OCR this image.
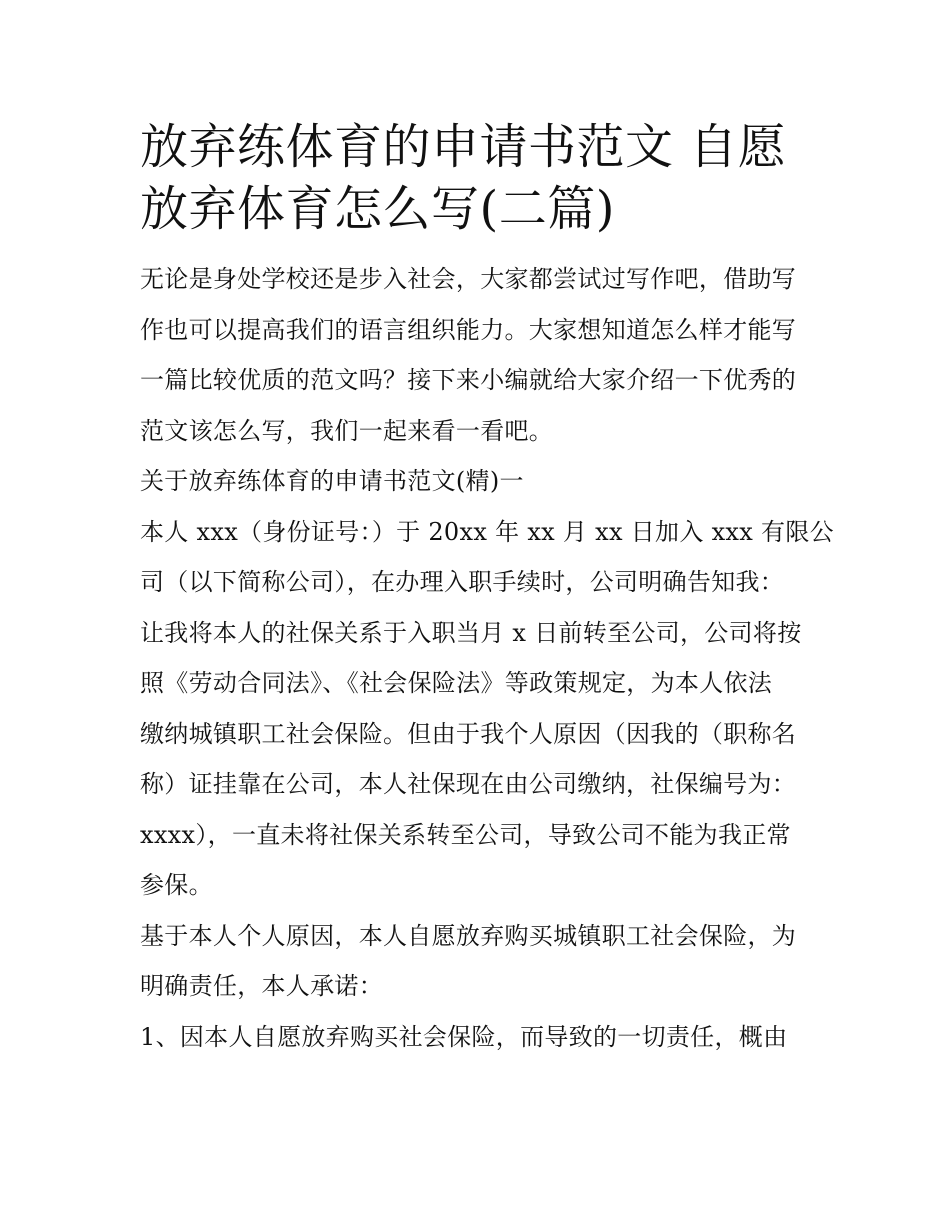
放弃练体育的申请书范文 自愿
放弃体育怎么写(二篇)

无论是身处学校还是步入社会，大家都尝试过写作吧，借助写
作也可以提高我们的语言组织能力。大家想知道怎么样才能写
一篇比较优质的范文吗？接下来小编就给大家介绍一下优秀的
范文该怎么写，我们一起来看一看吧。

关于放弃练体育的申请书范文(精)一

本人 xxx（身份证号：）于 20xx 年 xx 月 xx 日加入 xxx 有限公
司（以下简称公司），在办理入职手续时，公司明确告知我：
让我将本人的社保关系于入职当月 x 日前转至公司，公司将按
照《劳动合同法》、《社会保险法》等政策规定，为本人依法
缴纳城镇职工社会保险。但由于我个人原因（因我的（职称名
称）证挂靠在公司，本人社保现在由公司缴纳，社保编号为：
xxxx），一直未将社保关系转至公司，导致公司不能为我正常
参保。

基于本人个人原因，本人自愿放弃购买城镇职工社会保险，为
明确责任，本人承诺：

1、因本人自愿放弃购买社会保险，而导致的一切责任，概由
